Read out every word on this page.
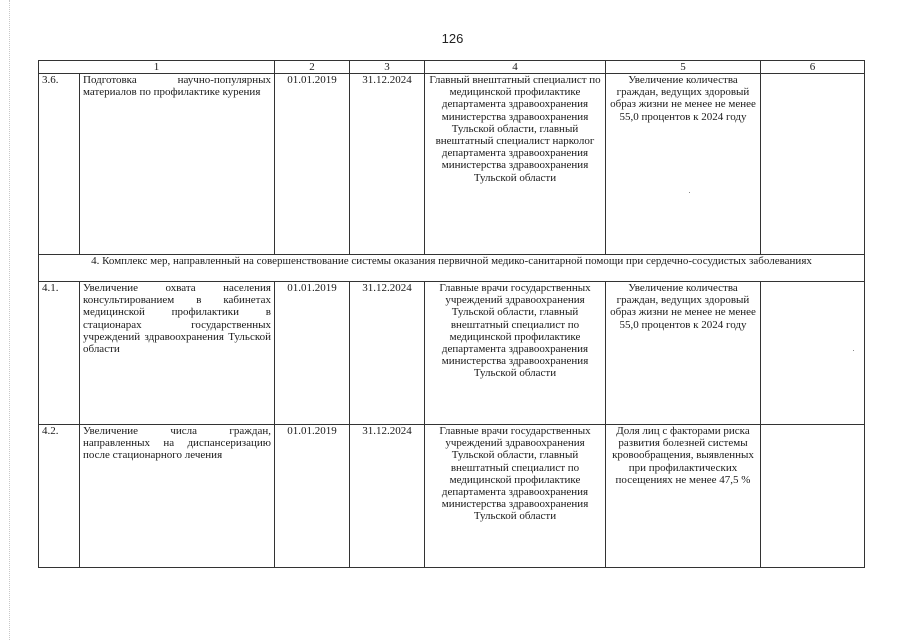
126
1		2	3	4	5	6
3.6.	Подготовка научно-популярных материалов по профилактике курения	01.01.2019	31.12.2024	Главный внештатный специалист по медицинской профилактике департамента здравоохранения министерства здравоохранения Тульской области, главный внештатный специалист нарколог департамента здравоохранения министерства здравоохранения Тульской области	Увеличение количества граждан, ведущих здоровый образ жизни не менее не менее 55,0 процентов к 2024 году	
4. Комплекс мер, направленный на совершенствование системы оказания первичной медико-санитарной помощи при сердечно-сосудистых заболеваниях						
4.1.	Увеличение охвата населения консультированием в кабинетах медицинской профилактики в стационарах государственных учреждений здравоохранения Тульской области	01.01.2019	31.12.2024	Главные врачи государственных учреждений здравоохранения Тульской области, главный внештатный специалист по медицинской профилактике департамента здравоохранения министерства здравоохранения Тульской области	Увеличение количества граждан, ведущих здоровый образ жизни не менее не менее 55,0 процентов к 2024 году	
4.2.	Увеличение числа граждан, направленных на диспансеризацию после стационарного лечения	01.01.2019	31.12.2024	Главные врачи государственных учреждений здравоохранения Тульской области, главный внештатный специалист по медицинской профилактике департамента здравоохранения министерства здравоохранения Тульской области	Доля лиц с факторами риска развития болезней системы кровообращения, выявленных при профилактических посещениях не менее 47,5 %	
